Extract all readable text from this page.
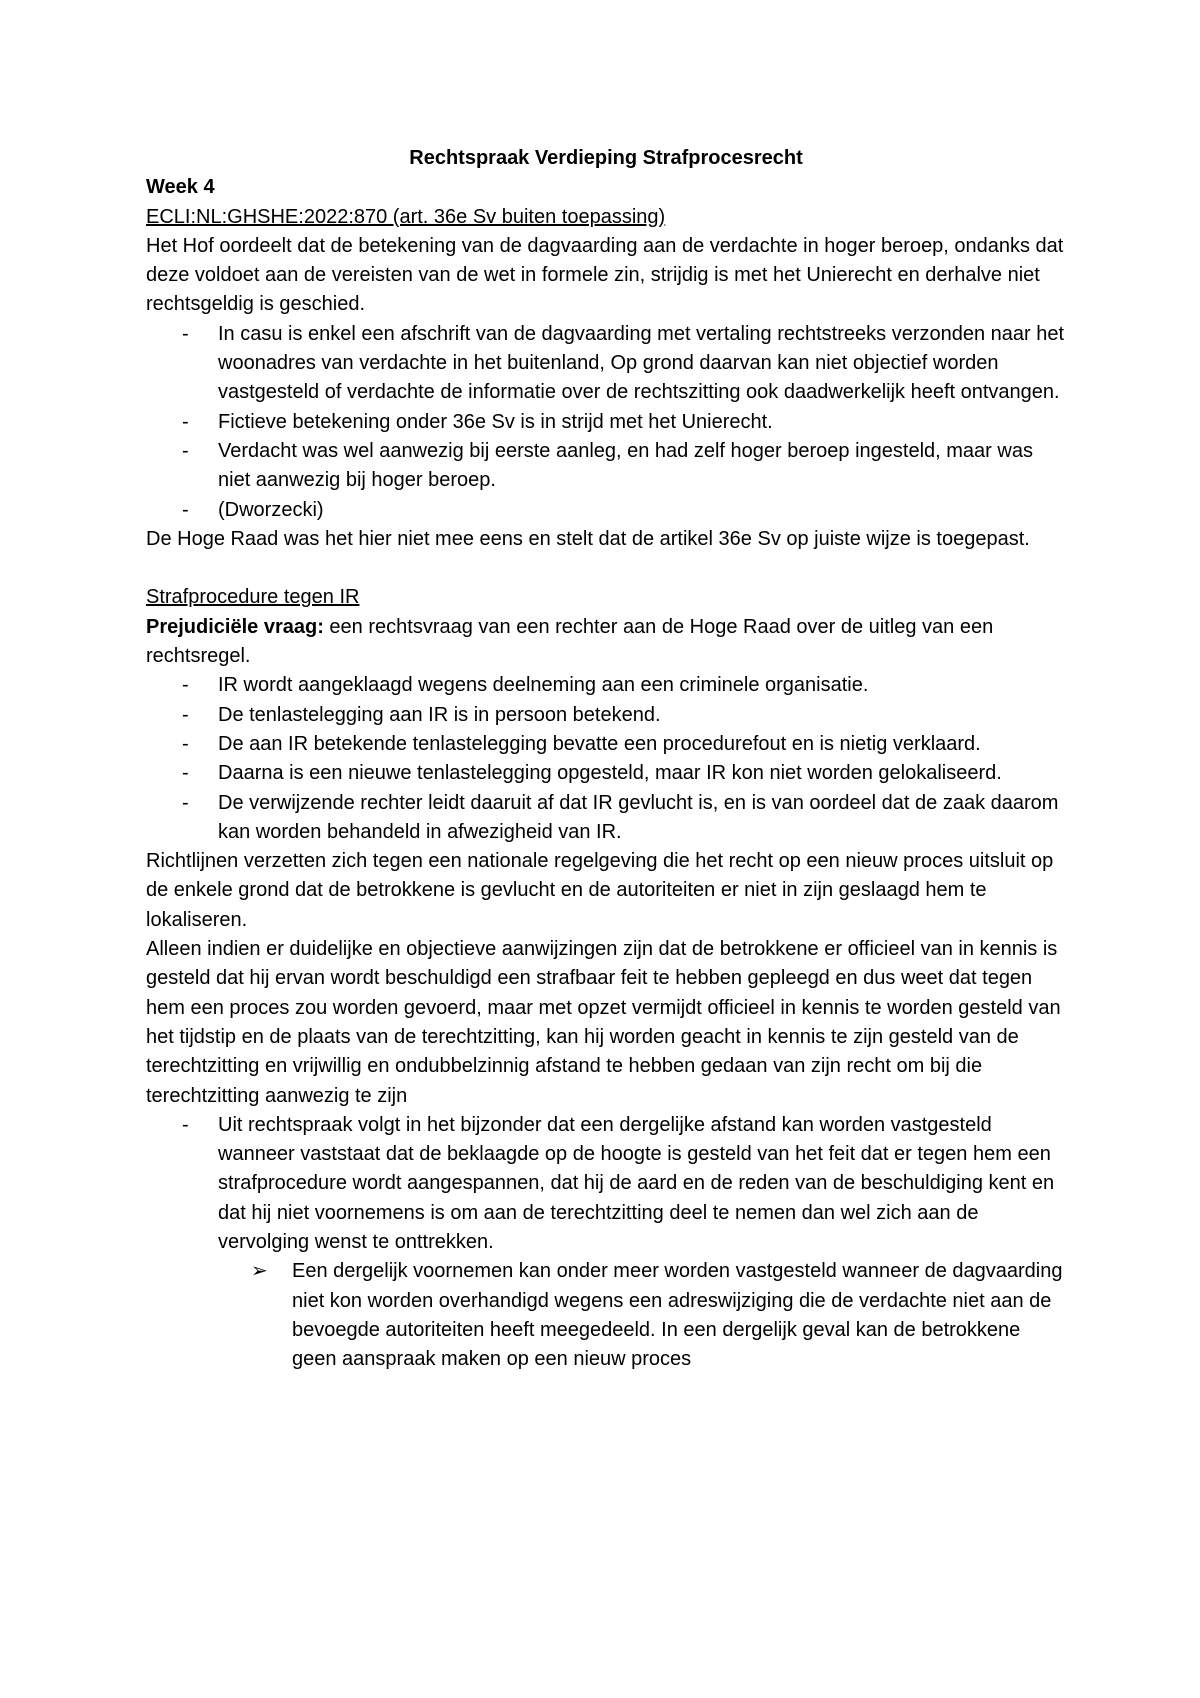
Rechtspraak Verdieping Strafprocesrecht

Week 4

ECLI:NL:GHSHE:2022:870 (art. 36e Sv buiten toepassing)

Het Hof oordeelt dat de betekening van de dagvaarding aan de verdachte in hoger beroep, ondanks dat deze voldoet aan de vereisten van de wet in formele zin, strijdig is met het Unierecht en derhalve niet rechtsgeldig is geschied.

- In casu is enkel een afschrift van de dagvaarding met vertaling rechtstreeks verzonden naar het woonadres van verdachte in het buitenland, Op grond daarvan kan niet objectief worden vastgesteld of verdachte de informatie over de rechtszitting ook daadwerkelijk heeft ontvangen.
- Fictieve betekening onder 36e Sv is in strijd met het Unierecht.
- Verdacht was wel aanwezig bij eerste aanleg, en had zelf hoger beroep ingesteld, maar was niet aanwezig bij hoger beroep.
- (Dworzecki)

De Hoge Raad was het hier niet mee eens en stelt dat de artikel 36e Sv op juiste wijze is toegepast.

Strafprocedure tegen IR

Prejudiciële vraag: een rechtsvraag van een rechter aan de Hoge Raad over de uitleg van een rechtsregel.

- IR wordt aangeklaagd wegens deelneming aan een criminele organisatie.
- De tenlastelegging aan IR is in persoon betekend.
- De aan IR betekende tenlastelegging bevatte een procedurefout en is nietig verklaard.
- Daarna is een nieuwe tenlastelegging opgesteld, maar IR kon niet worden gelokaliseerd.
- De verwijzende rechter leidt daaruit af dat IR gevlucht is, en is van oordeel dat de zaak daarom kan worden behandeld in afwezigheid van IR.

Richtlijnen verzetten zich tegen een nationale regelgeving die het recht op een nieuw proces uitsluit op de enkele grond dat de betrokkene is gevlucht en de autoriteiten er niet in zijn geslaagd hem te lokaliseren.

Alleen indien er duidelijke en objectieve aanwijzingen zijn dat de betrokkene er officieel van in kennis is gesteld dat hij ervan wordt beschuldigd een strafbaar feit te hebben gepleegd en dus weet dat tegen hem een proces zou worden gevoerd, maar met opzet vermijdt officieel in kennis te worden gesteld van het tijdstip en de plaats van de terechtzitting, kan hij worden geacht in kennis te zijn gesteld van de terechtzitting en vrijwillig en ondubbelzinnig afstand te hebben gedaan van zijn recht om bij die terechtzitting aanwezig te zijn

- Uit rechtspraak volgt in het bijzonder dat een dergelijke afstand kan worden vastgesteld wanneer vaststaat dat de beklaagde op de hoogte is gesteld van het feit dat er tegen hem een strafprocedure wordt aangespannen, dat hij de aard en de reden van de beschuldiging kent en dat hij niet voornemens is om aan de terechtzitting deel te nemen dan wel zich aan de vervolging wenst te onttrekken.
➢ Een dergelijk voornemen kan onder meer worden vastgesteld wanneer de dagvaarding niet kon worden overhandigd wegens een adreswijziging die de verdachte niet aan de bevoegde autoriteiten heeft meegedeeld. In een dergelijk geval kan de betrokkene geen aanspraak maken op een nieuw proces
